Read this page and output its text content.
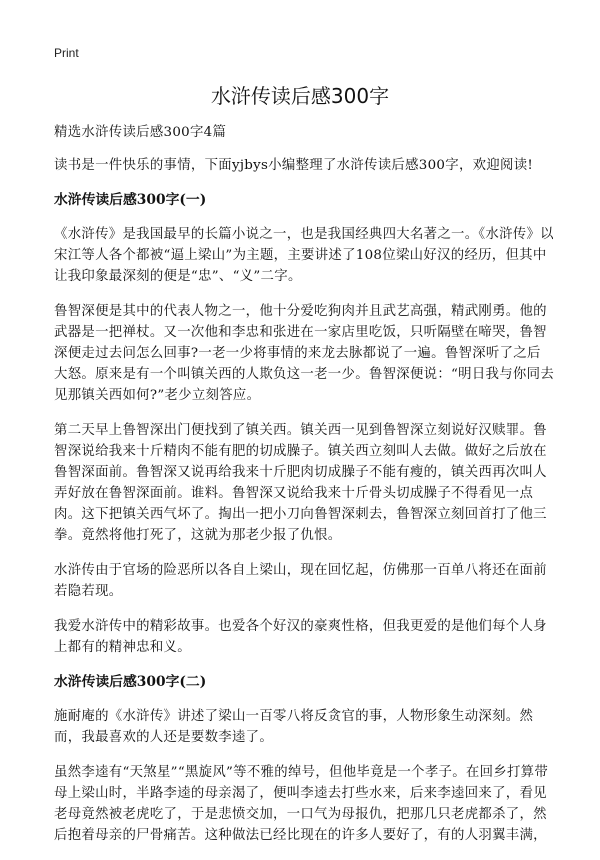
Print
水浒传读后感300字

精选水浒传读后感300字4篇

读书是一件快乐的事情，下面yjbys小编整理了水浒传读后感300字，欢迎阅读!

水浒传读后感300字(一)

《水浒传》是我国最早的长篇小说之一，也是我国经典四大名著之一。《水浒传》以宋江等人各个都被“逼上梁山”为主题，主要讲述了108位梁山好汉的经历，但其中让我印象最深刻的便是“忠”、“义”二字。

鲁智深便是其中的代表人物之一，他十分爱吃狗肉并且武艺高强，精武刚勇。他的武器是一把禅杖。又一次他和李忠和张进在一家店里吃饭，只听隔壁在啼哭，鲁智深便走过去问怎么回事?一老一少将事情的来龙去脉都说了一遍。鲁智深听了之后大怒。原来是有一个叫镇关西的人欺负这一老一少。鲁智深便说：“明日我与你同去见那镇关西如何?”老少立刻答应。

第二天早上鲁智深出门便找到了镇关西。镇关西一见到鲁智深立刻说好汉赎罪。鲁智深说给我来十斤精肉不能有肥的切成臊子。镇关西立刻叫人去做。做好之后放在鲁智深面前。鲁智深又说再给我来十斤肥肉切成臊子不能有瘦的，镇关西再次叫人弄好放在鲁智深面前。谁料。鲁智深又说给我来十斤骨头切成臊子不得看见一点肉。这下把镇关西气坏了。掏出一把小刀向鲁智深刺去，鲁智深立刻回首打了他三拳。竟然将他打死了，这就为那老少报了仇恨。

水浒传由于官场的险恶所以各自上梁山，现在回忆起，仿佛那一百单八将还在面前若隐若现。

我爱水浒传中的精彩故事。也爱各个好汉的豪爽性格，但我更爱的是他们每个人身上都有的精神忠和义。

水浒传读后感300字(二)

施耐庵的《水浒传》讲述了梁山一百零八将反贪官的事，人物形象生动深刻。然而，我最喜欢的人还是要数李逵了。

虽然李逵有“天煞星”“黑旋风”等不雅的绰号，但他毕竟是一个孝子。在回乡打算带母上梁山时，半路李逵的母亲渴了，便叫李逵去打些水来，后来李逵回来了，看见老母竟然被老虎吃了，于是悲愤交加，一口气为母报仇，把那几只老虎都杀了，然后抱着母亲的尸骨痛苦。这种做法已经比现在的许多人要好了，有的人羽翼丰满，
